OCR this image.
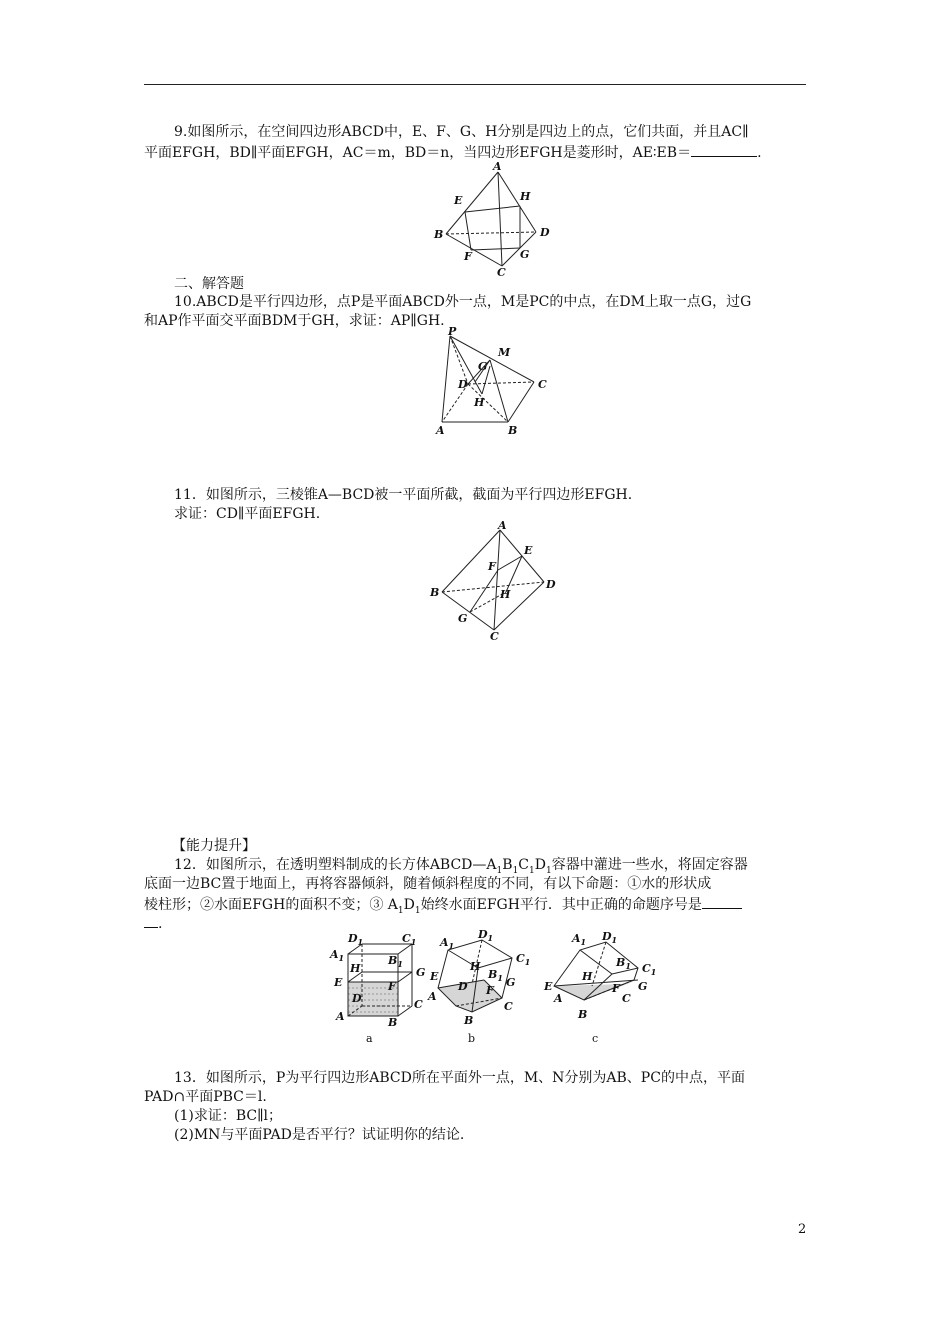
9.如图所示，在空间四边形ABCD中，E、F、G、H分别是四边上的点，它们共面，并且AC∥
平面EFGH，BD∥平面EFGH，AC＝m，BD＝n，当四边形EFGH是菱形时，AE∶EB＝	.
A
E	H
B	D
F	G
C
二、解答题
10.ABCD是平行四边形，点P是平面ABCD外一点，M是PC的中点，在DM上取一点G，过G
和AP作平面交平面BDM于GH，求证：AP∥GH.
P
M
G
D	C
H
A	B
11．如图所示，三棱锥A—BCD被一平面所截，截面为平行四边形EFGH.
求证：CD∥平面EFGH.
A
E
F
D
B	H
G
C
【能力提升】
12．如图所示，在透明塑料制成的长方体$ABCD—A_1B_1C_1D_1$容器中灌进一些水，将固定容器
底面一边BC置于地面上，再将容器倾斜，随着倾斜程度的不同，有以下命题：①水的形状成
棱柱形；②水面EFGH的面积不变；③ $A_1D_1$始终水面EFGH平行．其中正确的命题序号是
.
$D_1$	$C_1$
$A_1$	$B_1$
H	G
E	F
D	C
A	B
a
$A_1$
$D_1$
H
$C_1$
E	$B_1$ G
D F
A
C
B
b
$A_1$ $D_1$
$B_1$ $C_1$
H
E	G
A
F
C
B
c
13．如图所示，P为平行四边形ABCD所在平面外一点，M、N分别为AB、PC的中点，平面
PAD∩平面PBC＝l.
(1)求证：BC∥l；
(2)MN与平面PAD是否平行？试证明你的结论.
2
